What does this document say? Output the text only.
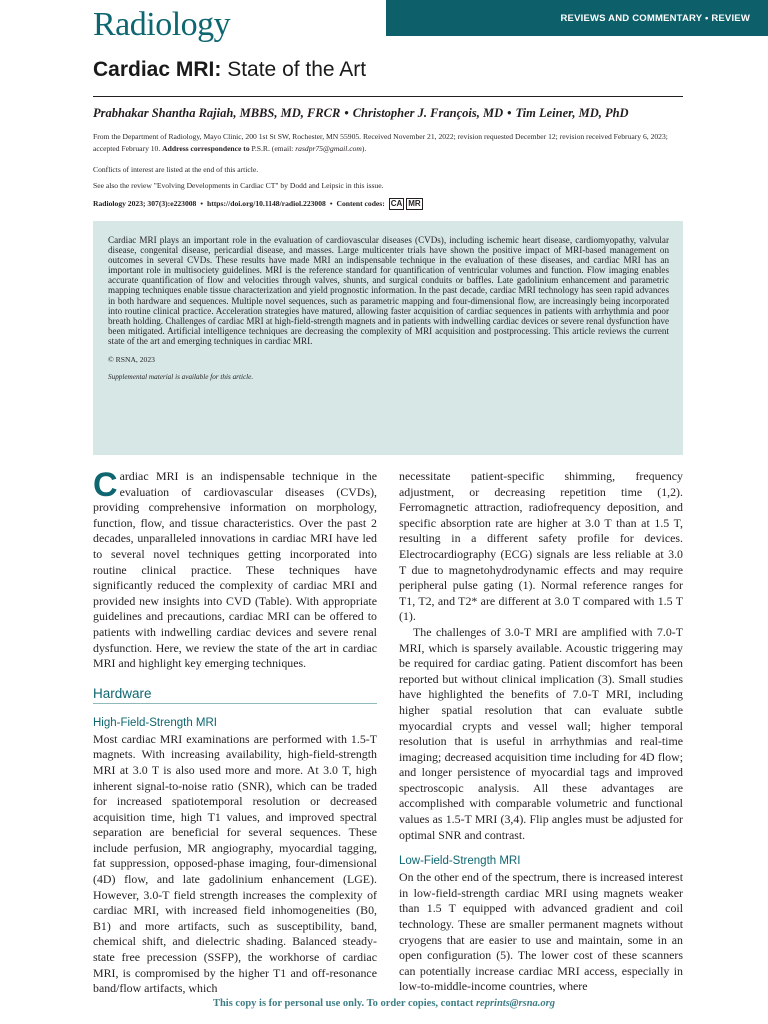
Radiology	REVIEWS AND COMMENTARY • REVIEW
Cardiac MRI: State of the Art
Prabhakar Shantha Rajiah, MBBS, MD, FRCR • Christopher J. François, MD • Tim Leiner, MD, PhD
From the Department of Radiology, Mayo Clinic, 200 1st St SW, Rochester, MN 55905. Received November 21, 2022; revision requested December 12; revision received February 6, 2023; accepted February 10. Address correspondence to P.S.R. (email: rasdpr75@gmail.com).
Conflicts of interest are listed at the end of this article.
See also the review "Evolving Developments in Cardiac CT" by Dodd and Leipsic in this issue.
Radiology 2023; 307(3):e223008 • https://doi.org/10.1148/radiol.223008 • Content codes: CA MR
Cardiac MRI plays an important role in the evaluation of cardiovascular diseases (CVDs), including ischemic heart disease, cardiomyopathy, valvular disease, congenital disease, pericardial disease, and masses. Large multicenter trials have shown the positive impact of MRI-based management on outcomes in several CVDs. These results have made MRI an indispensable technique in the evaluation of these diseases, and cardiac MRI has an important role in multisociety guidelines. MRI is the reference standard for quantification of ventricular volumes and function. Flow imaging enables accurate quantification of flow and velocities through valves, shunts, and surgical conduits or baffles. Late gadolinium enhancement and parametric mapping techniques enable tissue characterization and yield prognostic information. In the past decade, cardiac MRI technology has seen rapid advances in both hardware and sequences. Multiple novel sequences, such as parametric mapping and four-dimensional flow, are increasingly being incorporated into routine clinical practice. Acceleration strategies have matured, allowing faster acquisition of cardiac sequences in patients with arrhythmia and poor breath holding. Challenges of cardiac MRI at high-field-strength magnets and in patients with indwelling cardiac devices or severe renal dysfunction have been mitigated. Artificial intelligence techniques are decreasing the complexity of MRI acquisition and postprocessing. This article reviews the current state of the art and emerging techniques in cardiac MRI.
© RSNA, 2023
Supplemental material is available for this article.

Cardiac MRI is an indispensable technique in the evaluation of cardiovascular diseases (CVDs), providing comprehensive information on morphology, function, flow, and tissue characteristics. Over the past 2 decades, unparalleled innovations in cardiac MRI have led to several novel techniques getting incorporated into routine clinical practice. These techniques have significantly reduced the complexity of cardiac MRI and provided new insights into CVD (Table). With appropriate guidelines and precautions, cardiac MRI can be offered to patients with indwelling cardiac devices and severe renal dysfunction. Here, we review the state of the art in cardiac MRI and highlight key emerging techniques.

Hardware
High-Field-Strength MRI

Most cardiac MRI examinations are performed with 1.5-T magnets. With increasing availability, high-field-strength MRI at 3.0 T is also used more and more. At 3.0 T, high inherent signal-to-noise ratio (SNR), which can be traded for increased spatiotemporal resolution or decreased acquisition time, high T1 values, and improved spectral separation are beneficial for several sequences. These include perfusion, MR angiography, myocardial tagging, fat suppression, opposed-phase imaging, four-dimensional (4D) flow, and late gadolinium enhancement (LGE). However, 3.0-T field strength increases the complexity of cardiac MRI, with increased field inhomogeneities (B0, B1) and more artifacts, such as susceptibility, band, chemical shift, and dielectric shading. Balanced steady-state free precession (SSFP), the workhorse of cardiac MRI, is compromised by the higher T1 and off-resonance band/flow artifacts, which

necessitate patient-specific shimming, frequency adjustment, or decreasing repetition time (1,2). Ferromagnetic attraction, radiofrequency deposition, and specific absorption rate are higher at 3.0 T than at 1.5 T, resulting in a different safety profile for devices. Electrocardiography (ECG) signals are less reliable at 3.0 T due to magnetohydrodynamic effects and may require peripheral pulse gating (1). Normal reference ranges for T1, T2, and T2* are different at 3.0 T compared with 1.5 T (1).

The challenges of 3.0-T MRI are amplified with 7.0-T MRI, which is sparsely available. Acoustic triggering may be required for cardiac gating. Patient discomfort has been reported but without clinical implication (3). Small studies have highlighted the benefits of 7.0-T MRI, including higher spatial resolution that can evaluate subtle myocardial crypts and vessel wall; higher temporal resolution that is useful in arrhythmias and real-time imaging; decreased acquisition time including for 4D flow; and longer persistence of myocardial tags and improved spectroscopic analysis. All these advantages are accomplished with comparable volumetric and functional values as 1.5-T MRI (3,4). Flip angles must be adjusted for optimal SNR and contrast.

Low-Field-Strength MRI

On the other end of the spectrum, there is increased interest in low-field-strength cardiac MRI using magnets weaker than 1.5 T equipped with advanced gradient and coil technology. These are smaller permanent magnets without cryogens that are easier to use and maintain, some in an open configuration (5). The lower cost of these scanners can potentially increase cardiac MRI access, especially in low-to-middle-income countries, where

This copy is for personal use only. To order copies, contact reprints@rsna.org
